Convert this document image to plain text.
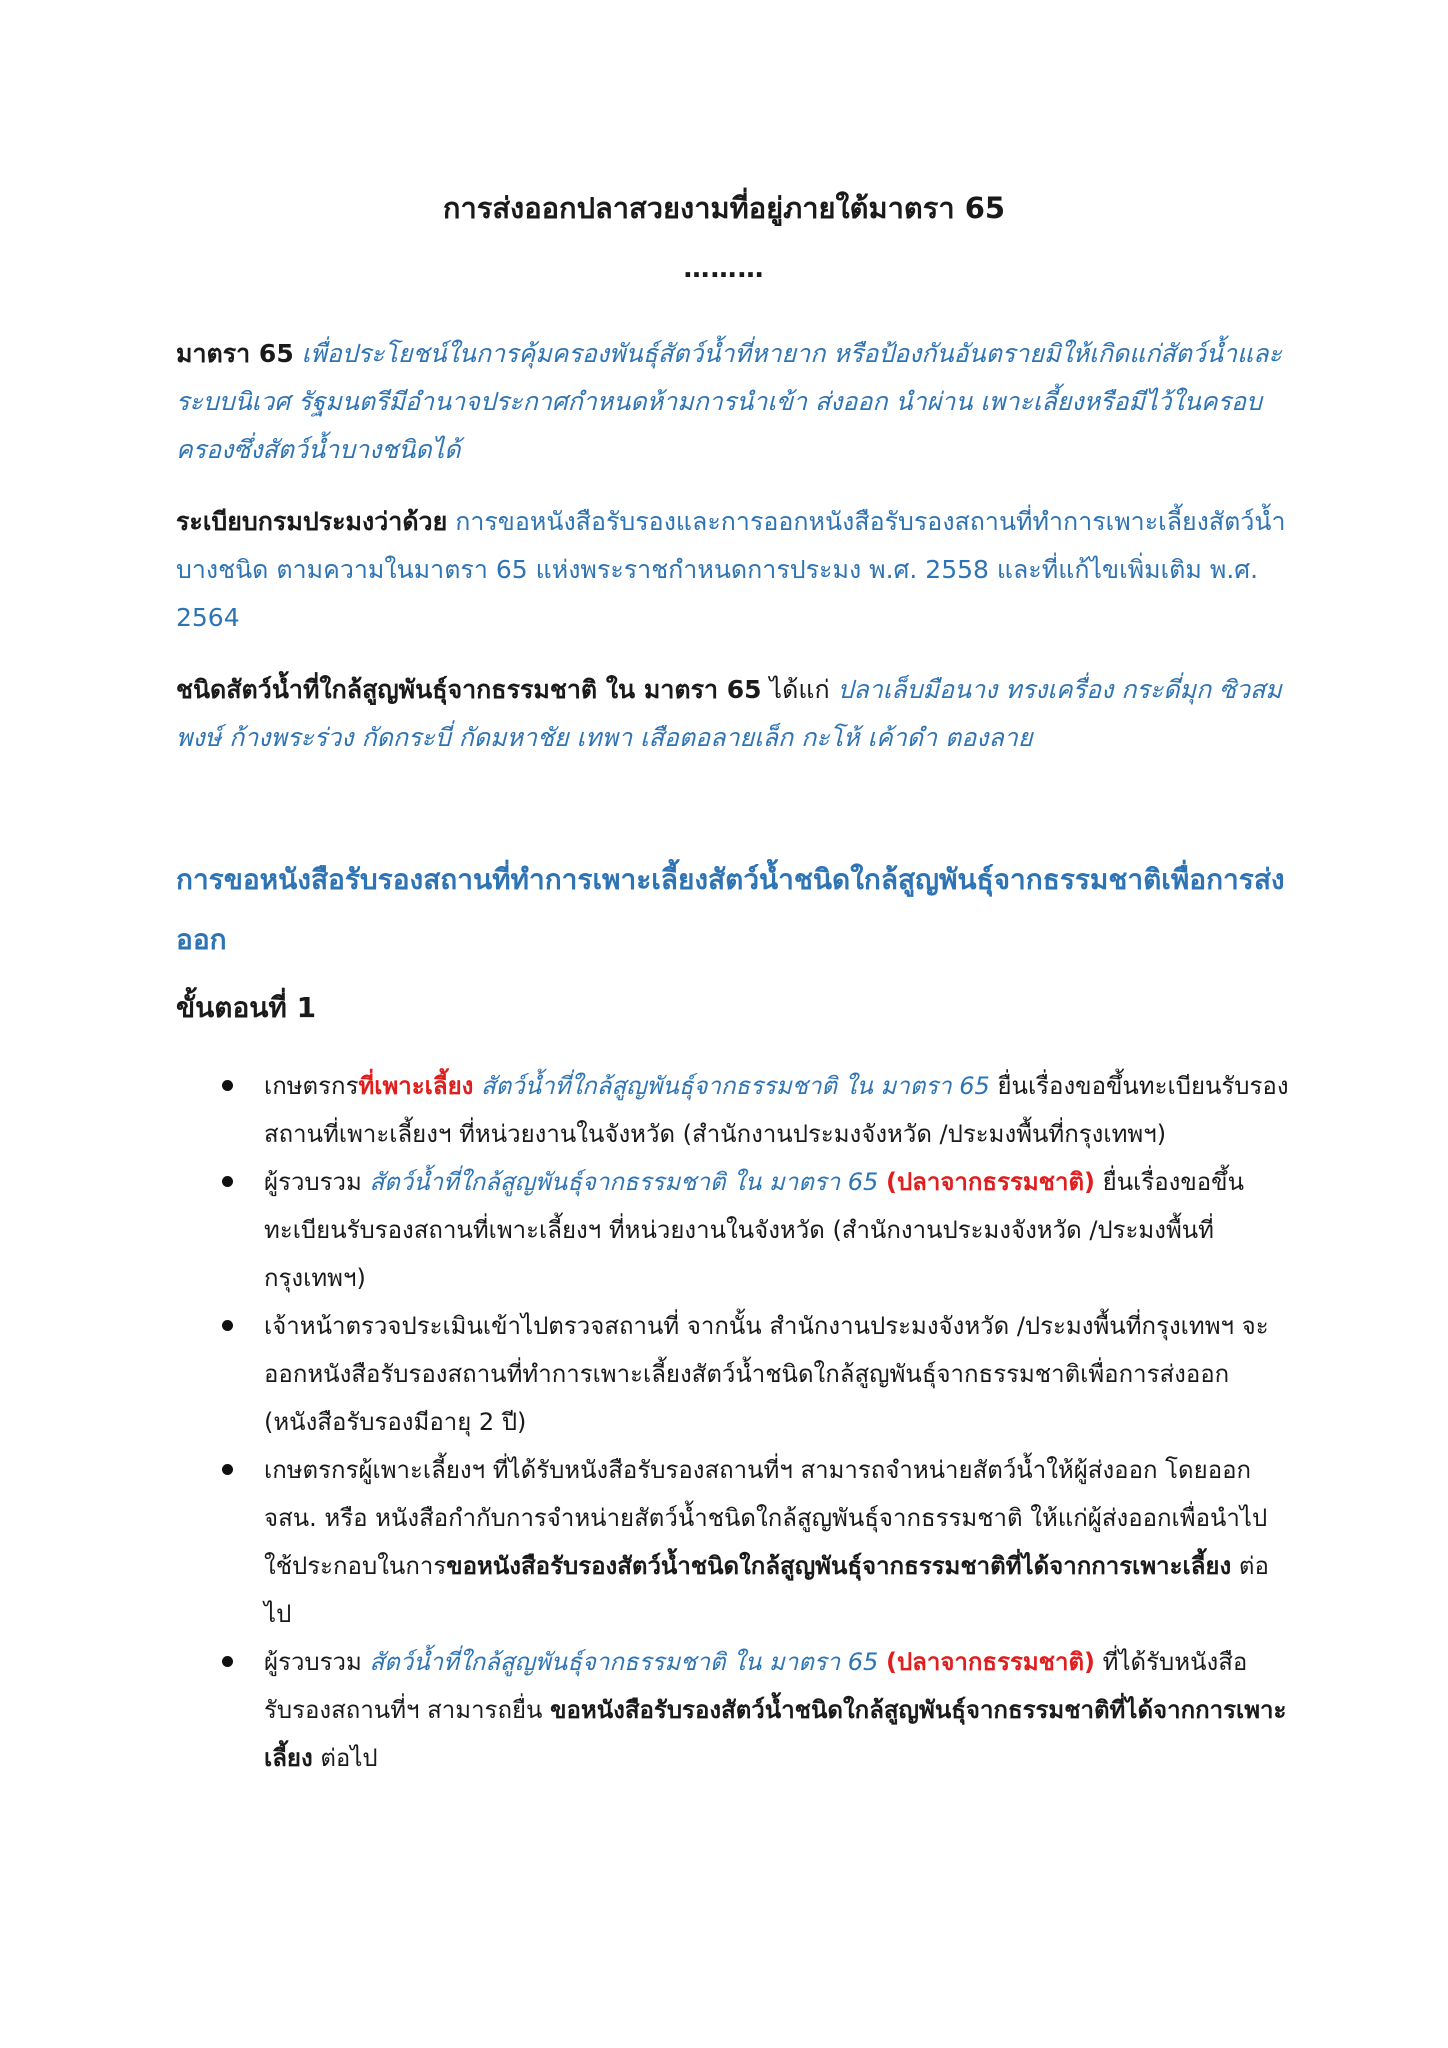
การส่งออกปลาสวยงามที่อยู่ภายใต้มาตรา 65
………

มาตรา 65 เพื่อประโยชน์ในการคุ้มครองพันธุ์สัตว์น้ำที่หายาก หรือป้องกันอันตรายมิให้เกิดแก่สัตว์น้ำและระบบนิเวศ รัฐมนตรีมีอำนาจประกาศกำหนดห้ามการนำเข้า ส่งออก นำผ่าน เพาะเลี้ยงหรือมีไว้ในครอบครองซึ่งสัตว์น้ำบางชนิดได้

ระเบียบกรมประมงว่าด้วย การขอหนังสือรับรองและการออกหนังสือรับรองสถานที่ทำการเพาะเลี้ยงสัตว์น้ำบางชนิด ตามความในมาตรา 65 แห่งพระราชกำหนดการประมง พ.ศ. 2558 และที่แก้ไขเพิ่มเติม พ.ศ. 2564

ชนิดสัตว์น้ำที่ใกล้สูญพันธุ์จากธรรมชาติ ใน มาตรา 65 ได้แก่ ปลาเล็บมือนาง ทรงเครื่อง กระดี่มุก ซิวสมพงษ์ ก้างพระร่วง กัดกระบี่ กัดมหาชัย เทพา เสือตอลายเล็ก กะโห้ เค้าดำ ตองลาย

การขอหนังสือรับรองสถานที่ทำการเพาะเลี้ยงสัตว์น้ำชนิดใกล้สูญพันธุ์จากธรรมชาติเพื่อการส่งออก
ขั้นตอนที่ 1
เกษตรกรที่เพาะเลี้ยง สัตว์น้ำที่ใกล้สูญพันธุ์จากธรรมชาติ ใน มาตรา 65 ยื่นเรื่องขอขึ้นทะเบียนรับรองสถานที่เพาะเลี้ยงฯ ที่หน่วยงานในจังหวัด (สำนักงานประมงจังหวัด /ประมงพื้นที่กรุงเทพฯ)
ผู้รวบรวม สัตว์น้ำที่ใกล้สูญพันธุ์จากธรรมชาติ ใน มาตรา 65 (ปลาจากธรรมชาติ) ยื่นเรื่องขอขึ้นทะเบียนรับรองสถานที่เพาะเลี้ยงฯ ที่หน่วยงานในจังหวัด (สำนักงานประมงจังหวัด /ประมงพื้นที่กรุงเทพฯ)
เจ้าหน้าตรวจประเมินเข้าไปตรวจสถานที่ จากนั้น สำนักงานประมงจังหวัด /ประมงพื้นที่กรุงเทพฯ จะออกหนังสือรับรองสถานที่ทำการเพาะเลี้ยงสัตว์น้ำชนิดใกล้สูญพันธุ์จากธรรมชาติเพื่อการส่งออก (หนังสือรับรองมีอายุ 2 ปี)
เกษตรกรผู้เพาะเลี้ยงฯ ที่ได้รับหนังสือรับรองสถานที่ฯ สามารถจำหน่ายสัตว์น้ำให้ผู้ส่งออก โดยออก จสน. หรือ หนังสือกำกับการจำหน่ายสัตว์น้ำชนิดใกล้สูญพันธุ์จากธรรมชาติ ให้แก่ผู้ส่งออกเพื่อนำไปใช้ประกอบในการขอหนังสือรับรองสัตว์น้ำชนิดใกล้สูญพันธุ์จากธรรมชาติที่ได้จากการเพาะเลี้ยง ต่อไป
ผู้รวบรวม สัตว์น้ำที่ใกล้สูญพันธุ์จากธรรมชาติ ใน มาตรา 65 (ปลาจากธรรมชาติ) ที่ได้รับหนังสือรับรองสถานที่ฯ สามารถยื่น ขอหนังสือรับรองสัตว์น้ำชนิดใกล้สูญพันธุ์จากธรรมชาติที่ได้จากการเพาะเลี้ยง ต่อไป
